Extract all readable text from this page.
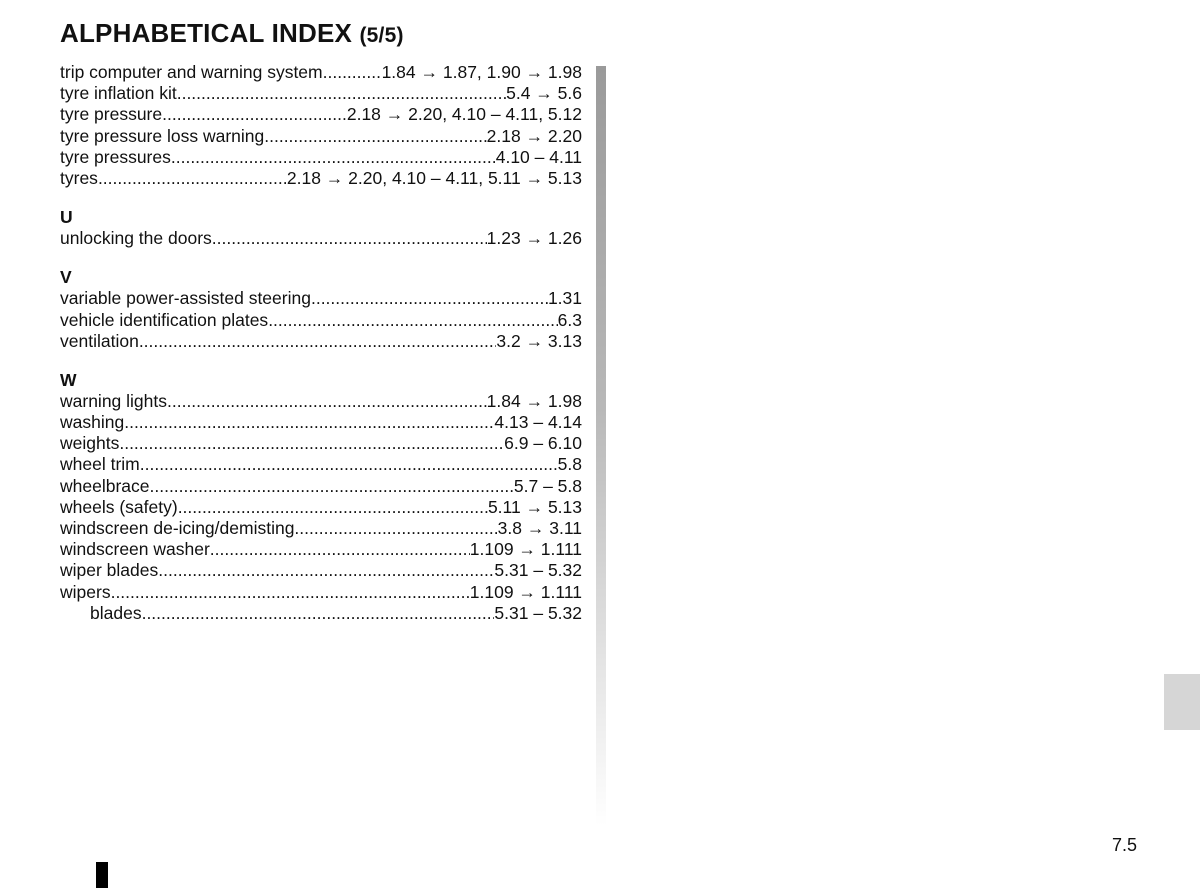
ALPHABETICAL INDEX (5/5)
trip computer and warning system .....	1.84 → 1.87, 1.90 → 1.98
tyre inflation kit .....	5.4 → 5.6
tyre pressure .....	2.18 → 2.20, 4.10 – 4.11, 5.12
tyre pressure loss warning .....	2.18 → 2.20
tyre pressures .....	4.10 – 4.11
tyres .....	2.18 → 2.20, 4.10 – 4.11, 5.11 → 5.13
U
unlocking the doors .....	1.23 → 1.26
V
variable power-assisted steering .....	1.31
vehicle identification plates .....	6.3
ventilation .....	3.2 → 3.13
W
warning lights .....	1.84 → 1.98
washing .....	4.13 – 4.14
weights .....	6.9 – 6.10
wheel trim .....	5.8
wheelbrace .....	5.7 – 5.8
wheels (safety) .....	5.11 → 5.13
windscreen de-icing/demisting .....	3.8 → 3.11
windscreen washer .....	1.109 → 1.111
wiper blades .....	5.31 – 5.32
wipers .....	1.109 → 1.111
blades .....	5.31 – 5.32
7.5
